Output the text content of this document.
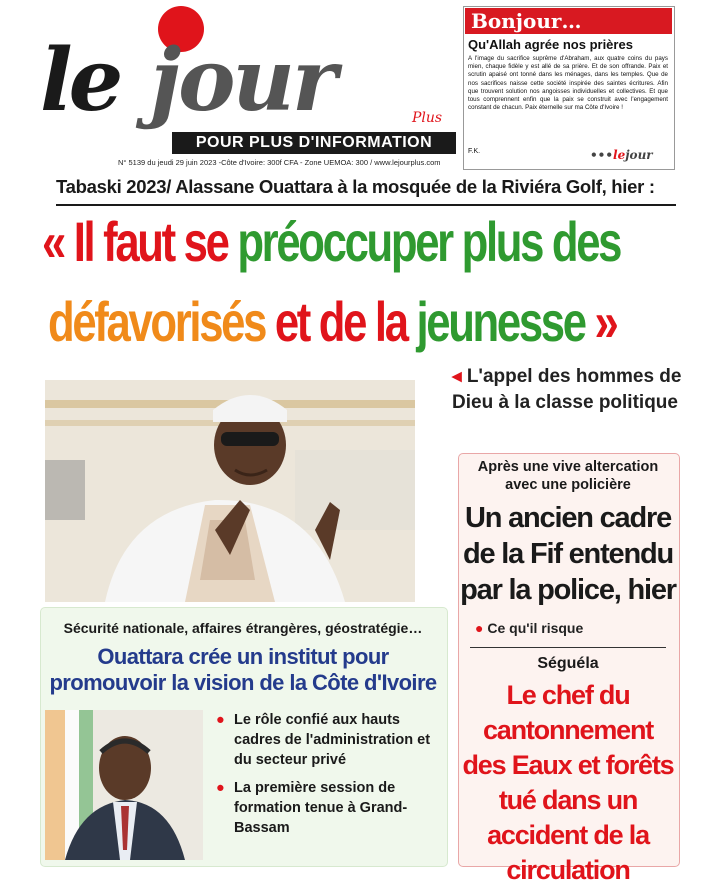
le jour	Plus
POUR PLUS D'INFORMATION
N° 5139 du jeudi 29 juin 2023 -Côte d'Ivoire: 300f CFA - Zone UEMOA: 300 / www.lejourplus.com
Bonjour…
Qu'Allah agrée nos prières
A l'image du sacrifice suprême d'Abraham, aux quatre coins du pays mien, chaque fidèle y est allé de sa prière. Et de son offrande. Paix et scrutin apaisé ont tonné dans les ménages, dans les temples. Que de nos sacrifices naisse cette société inspirée des saintes écritures. Afin que trouvent solution nos angoisses individuelles et collectives. Et que tous comprennent enfin que la paix se construit avec l'engagement constant de chacun. Paix éternelle sur ma Côte d'Ivoire !
F.K.	•••lejour
Tabaski 2023/ Alassane Ouattara à la mosquée de la Riviéra Golf, hier :
« Il faut se préoccuper plus des
défavorisés et de la jeunesse »
◂ L'appel des hommes de Dieu à la classe politique
Après une vive altercation avec une policière
Un ancien cadre de la Fif entendu par la police, hier
● Ce qu'il risque
Séguéla
Le chef du cantonnement des Eaux et forêts tué dans un accident de la circulation
Sécurité nationale, affaires étrangères, géostratégie…
Ouattara crée un institut pour promouvoir la vision de la Côte d'Ivoire
● Le rôle confié aux hauts cadres de l'administration et du secteur privé
● La première session de formation tenue à Grand-Bassam
